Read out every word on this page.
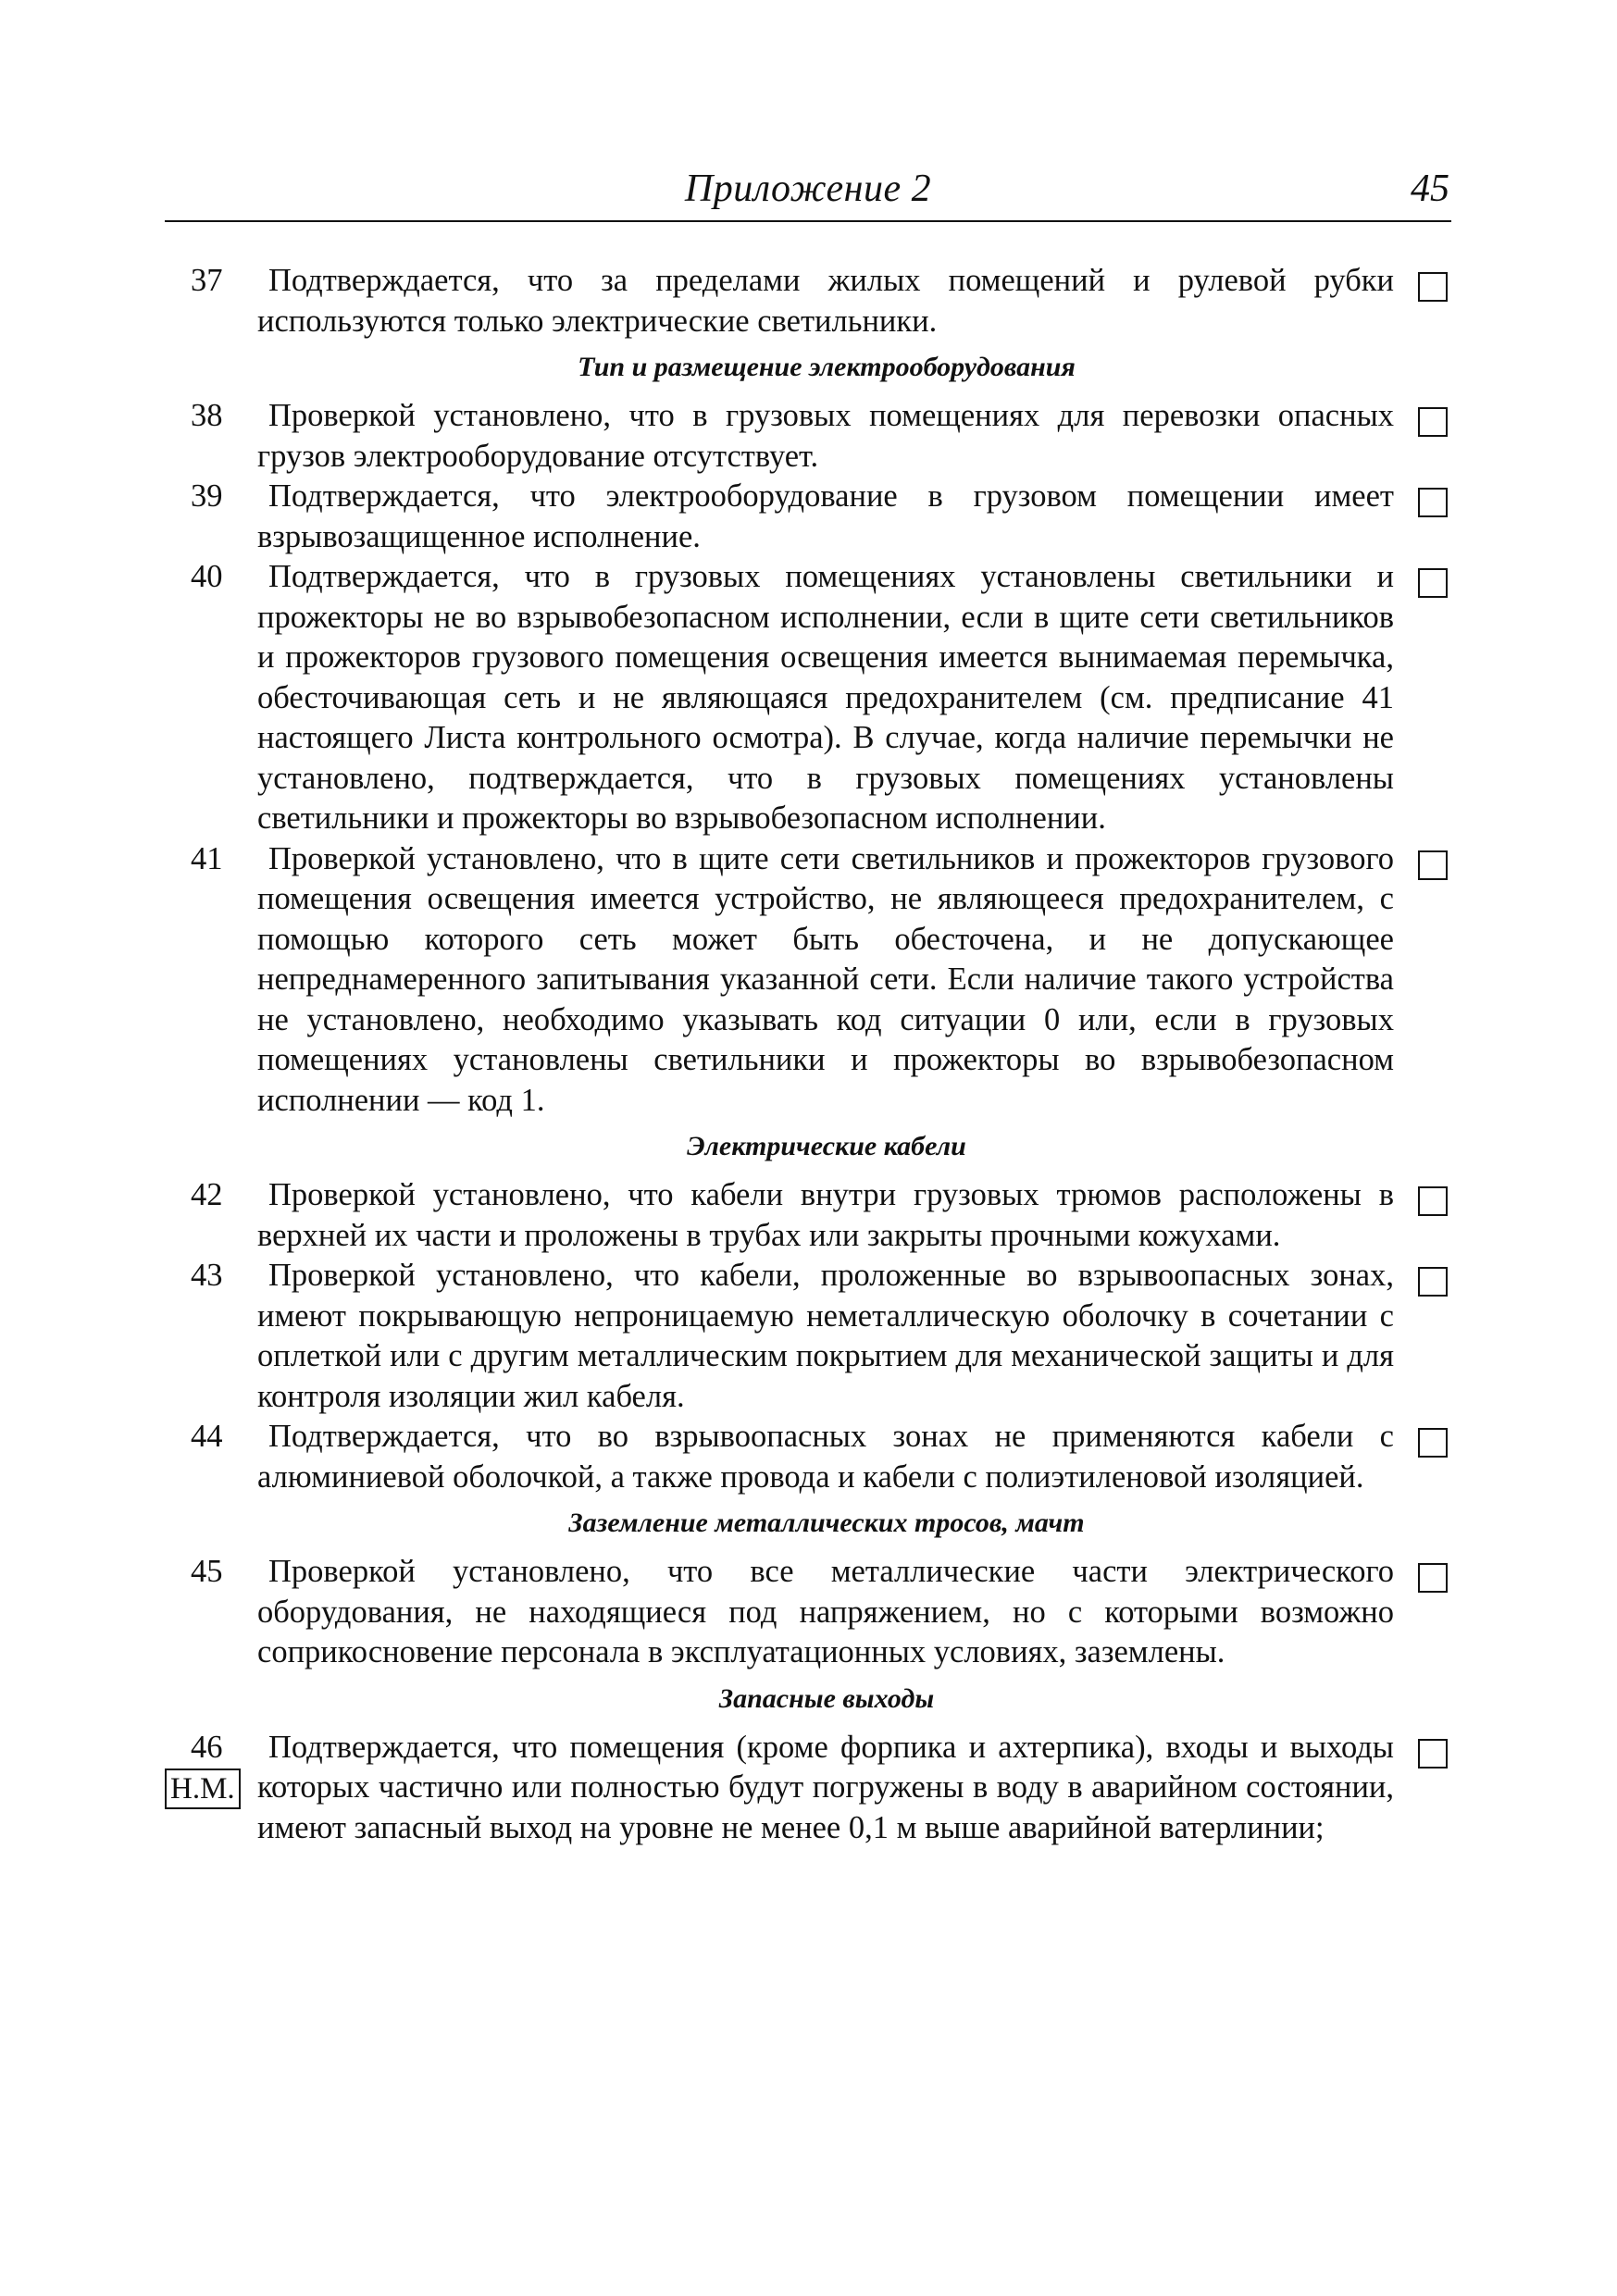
Приложение 2	45
37	Подтверждается, что за пределами жилых помещений и рулевой рубки используются только электрические светильники.
Тип и размещение электрооборудования
38	Проверкой установлено, что в грузовых помещениях для перевозки опасных грузов электрооборудование отсутствует.
39	Подтверждается, что электрооборудование в грузовом помещении имеет взрывозащищенное исполнение.
40	Подтверждается, что в грузовых помещениях установлены светильники и прожекторы не во взрывобезопасном исполнении, если в щите сети светильников и прожекторов грузового помещения освещения имеется вынимаемая перемычка, обесточивающая сеть и не являющаяся предохранителем (см. предписание 41 настоящего Листа контрольного осмотра). В случае, когда наличие перемычки не установлено, подтверждается, что в грузовых помещениях установлены светильники и прожекторы во взрывобезопасном исполнении.
41	Проверкой установлено, что в щите сети светильников и прожекторов грузового помещения освещения имеется устройство, не являющееся предохранителем, с помощью которого сеть может быть обесточена, и не допускающее непреднамеренного запитывания указанной сети. Если наличие такого устройства не установлено, необходимо указывать код ситуации 0 или, если в грузовых помещениях установлены светильники и прожекторы во взрывобезопасном исполнении — код 1.
Электрические кабели
42	Проверкой установлено, что кабели внутри грузовых трюмов расположены в верхней их части и проложены в трубах или закрыты прочными кожухами.
43	Проверкой установлено, что кабели, проложенные во взрывоопасных зонах, имеют покрывающую непроницаемую неметаллическую оболочку в сочетании с оплеткой или с другим металлическим покрытием для механической защиты и для контроля изоляции жил кабеля.
44	Подтверждается, что во взрывоопасных зонах не применяются кабели с алюминиевой оболочкой, а также провода и кабели с полиэтиленовой изоляцией.
Заземление металлических тросов, мачт
45	Проверкой установлено, что все металлические части электрического оборудования, не находящиеся под напряжением, но с которыми возможно соприкосновение персонала в эксплуатационных условиях, заземлены.
Запасные выходы
46	Подтверждается, что помещения (кроме форпика и ахтерпика), входы и выходы которых частично или полностью будут погружены в воду в аварийном состоянии, имеют запасный выход на уровне не менее 0,1 м выше аварийной ватерлинии;
Н.М.
